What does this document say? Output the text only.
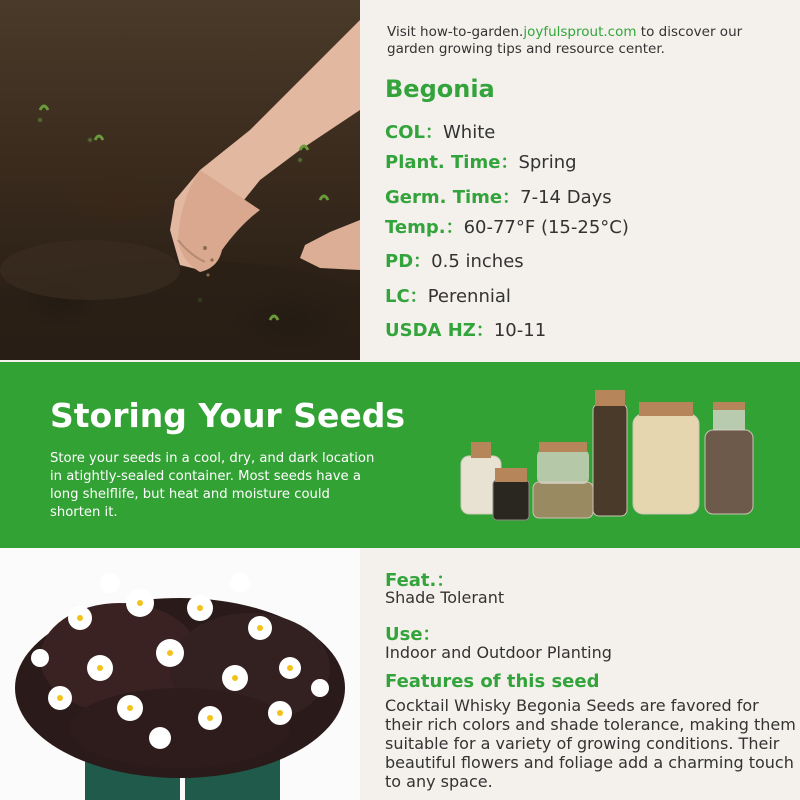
Visit how-to-garden.joyfulsprout.com to discover our garden growing tips and resource center.
Begonia
COL：White
Plant. Time：Spring
Germ. Time：7-14 Days
Temp.：60-77°F (15-25°C)
PD：0.5 inches
LC：Perennial
USDA HZ：10-11
Storing Your Seeds
Store your seeds in a cool, dry, and dark location in atightly-sealed container. Most seeds have a long shelflife, but heat and moisture could shorten it.
Feat.：
Shade Tolerant
Use：
Indoor and Outdoor Planting
Features of this seed
Cocktail Whisky Begonia Seeds are favored for their rich colors and shade tolerance, making them suitable for a variety of growing conditions. Their beautiful flowers and foliage add a charming touch to any space.
